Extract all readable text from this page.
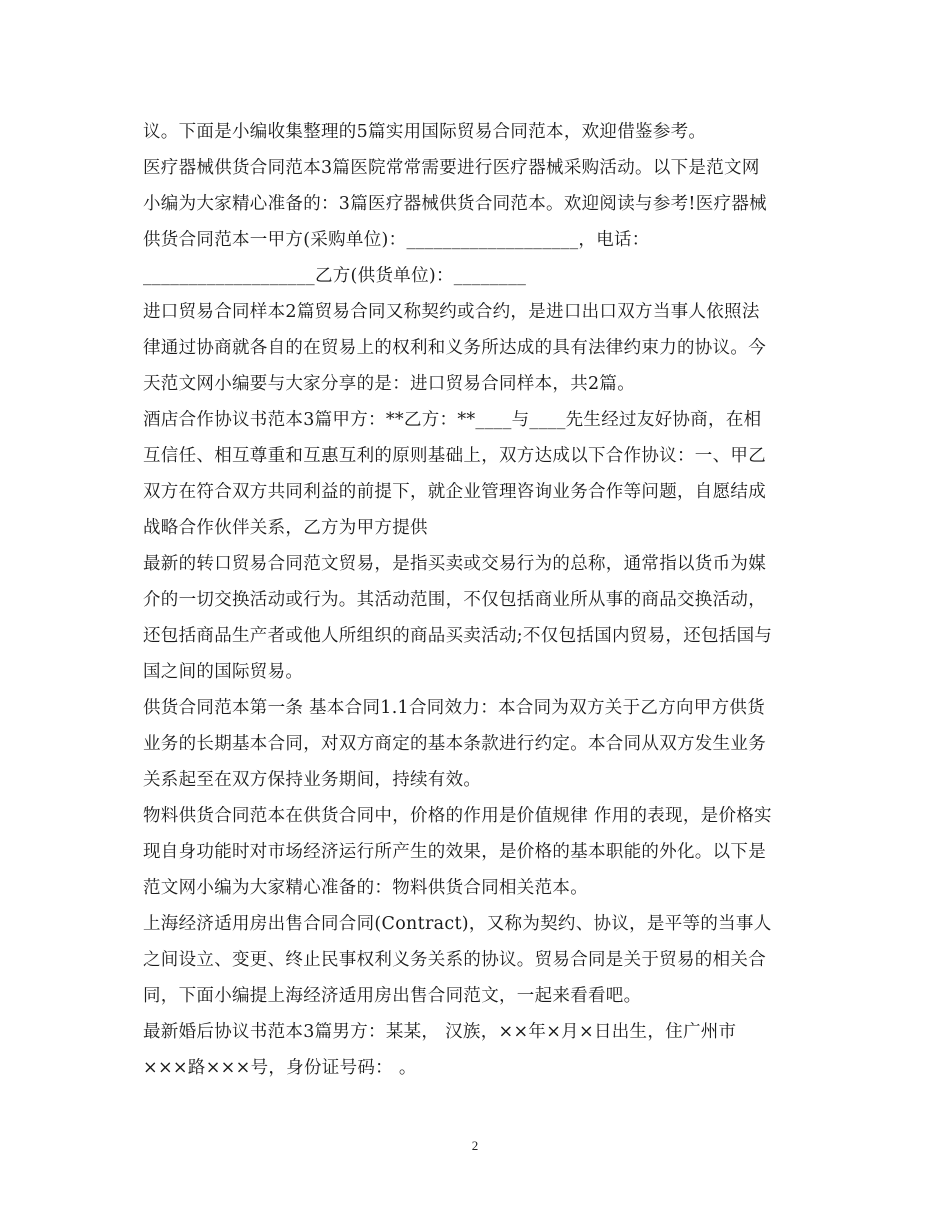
议。下面是小编收集整理的5篇实用国际贸易合同范本，欢迎借鉴参考。
医疗器械供货合同范本3篇医院常常需要进行医疗器械采购活动。以下是范文网
小编为大家精心准备的：3篇医疗器械供货合同范本。欢迎阅读与参考!医疗器械
供货合同范本一甲方(采购单位)：___________________，电话：
___________________乙方(供货单位)：________
进口贸易合同样本2篇贸易合同又称契约或合约，是进口出口双方当事人依照法
律通过协商就各自的在贸易上的权利和义务所达成的具有法律约束力的协议。今
天范文网小编要与大家分享的是：进口贸易合同样本，共2篇。
酒店合作协议书范本3篇甲方：**乙方：**____与____先生经过友好协商，在相
互信任、相互尊重和互惠互利的原则基础上，双方达成以下合作协议：一、甲乙
双方在符合双方共同利益的前提下，就企业管理咨询业务合作等问题，自愿结成
战略合作伙伴关系，乙方为甲方提供
最新的转口贸易合同范文贸易，是指买卖或交易行为的总称，通常指以货币为媒
介的一切交换活动或行为。其活动范围，不仅包括商业所从事的商品交换活动，
还包括商品生产者或他人所组织的商品买卖活动;不仅包括国内贸易，还包括国与
国之间的国际贸易。
供货合同范本第一条 基本合同1.1合同效力：本合同为双方关于乙方向甲方供货
业务的长期基本合同，对双方商定的基本条款进行约定。本合同从双方发生业务
关系起至在双方保持业务期间，持续有效。
物料供货合同范本在供货合同中，价格的作用是价值规律 作用的表现，是价格实
现自身功能时对市场经济运行所产生的效果，是价格的基本职能的外化。以下是
范文网小编为大家精心准备的：物料供货合同相关范本。
上海经济适用房出售合同合同(Contract)，又称为契约、协议，是平等的当事人
之间设立、变更、终止民事权利义务关系的协议。贸易合同是关于贸易的相关合
同，下面小编提上海经济适用房出售合同范文，一起来看看吧。
最新婚后协议书范本3篇男方：某某， 汉族，××年×月×日出生，住广州市
×××路×××号，身份证号码： 。
2
